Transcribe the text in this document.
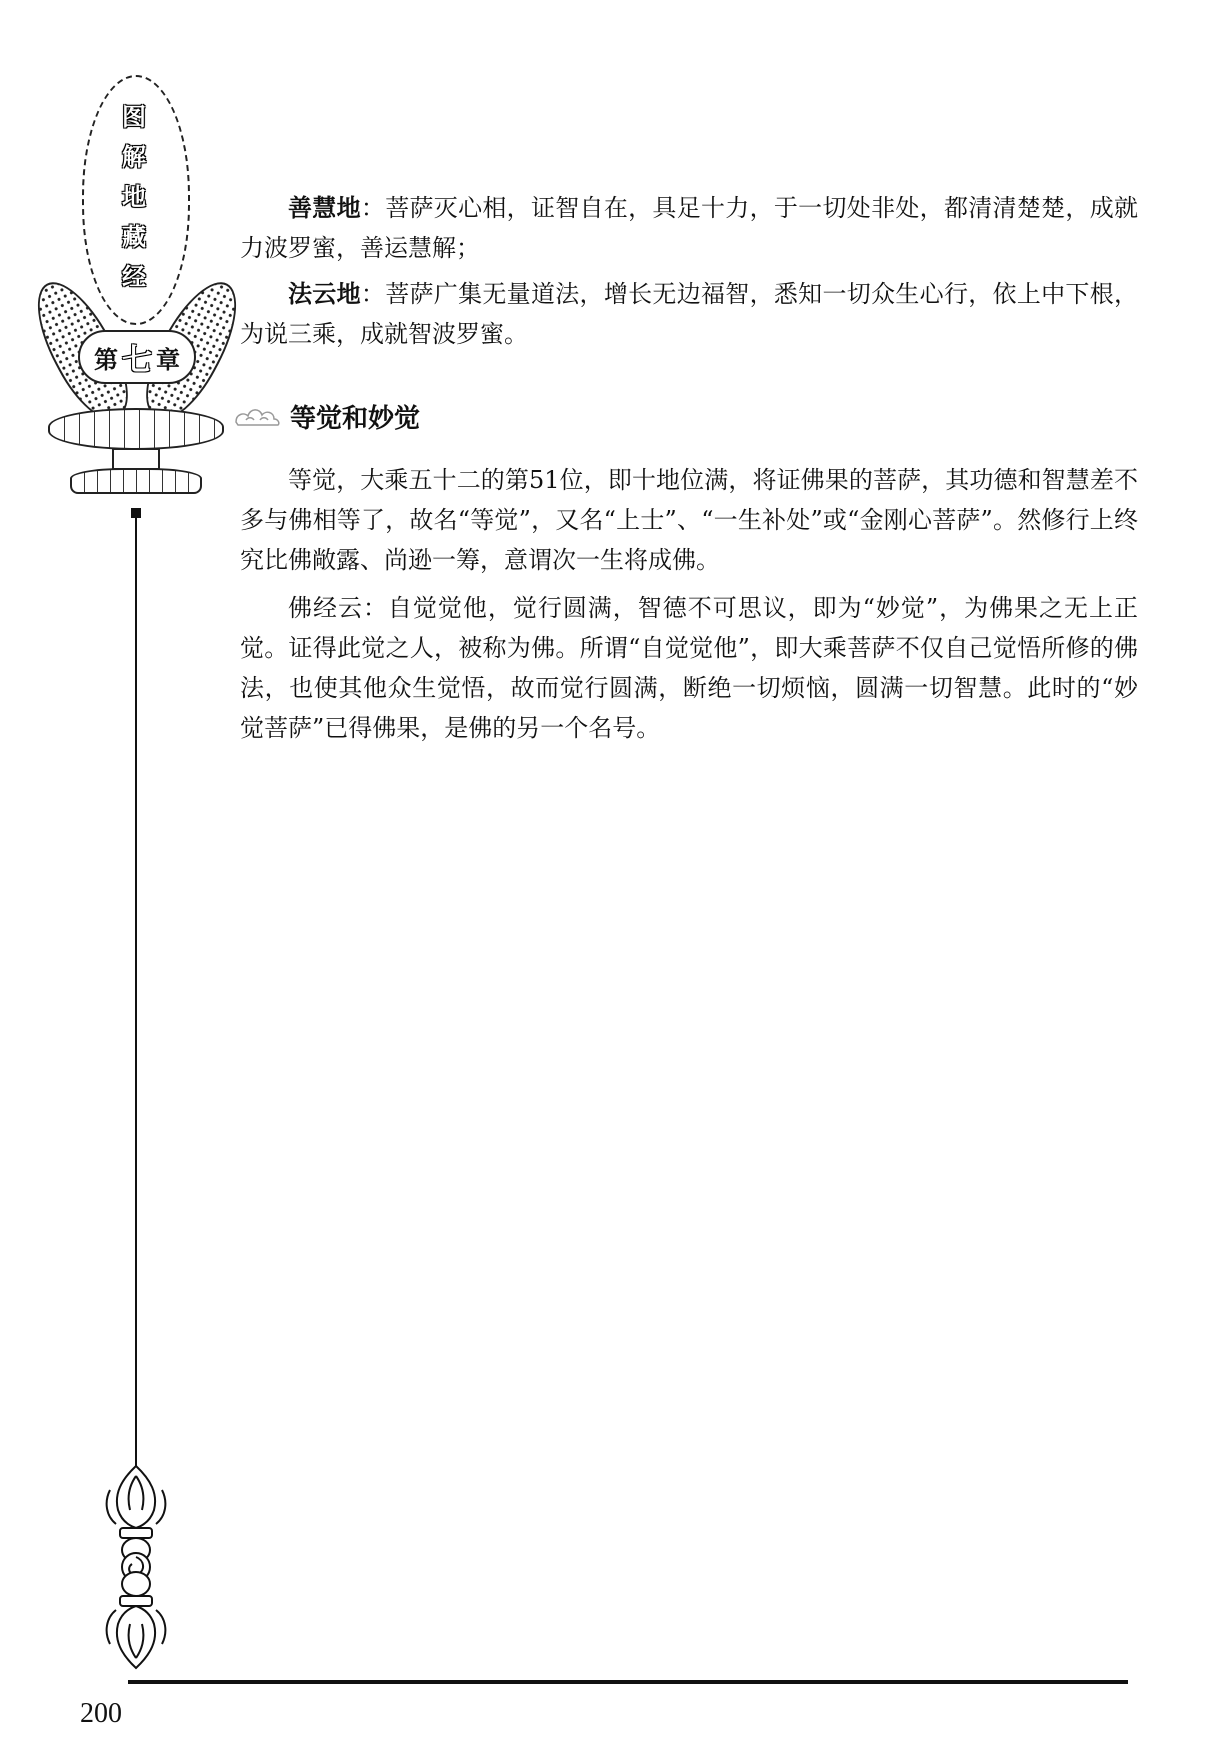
图
解
地
藏
经
第 七 章

善慧地：菩萨灭心相，证智自在，具足十力，于一切处非处，都清清楚楚，成就力波罗蜜，善运慧解；

法云地：菩萨广集无量道法，增长无边福智，悉知一切众生心行，依上中下根，为说三乘，成就智波罗蜜。

等觉和妙觉

等觉，大乘五十二的第51位，即十地位满，将证佛果的菩萨，其功德和智慧差不多与佛相等了，故名“等觉”，又名“上士”、“一生补处”或“金刚心菩萨”。然修行上终究比佛敞露、尚逊一筹，意谓次一生将成佛。

佛经云：自觉觉他，觉行圆满，智德不可思议，即为“妙觉”，为佛果之无上正觉。证得此觉之人，被称为佛。所谓“自觉觉他”，即大乘菩萨不仅自己觉悟所修的佛法，也使其他众生觉悟，故而觉行圆满，断绝一切烦恼，圆满一切智慧。此时的“妙觉菩萨”已得佛果，是佛的另一个名号。

200
